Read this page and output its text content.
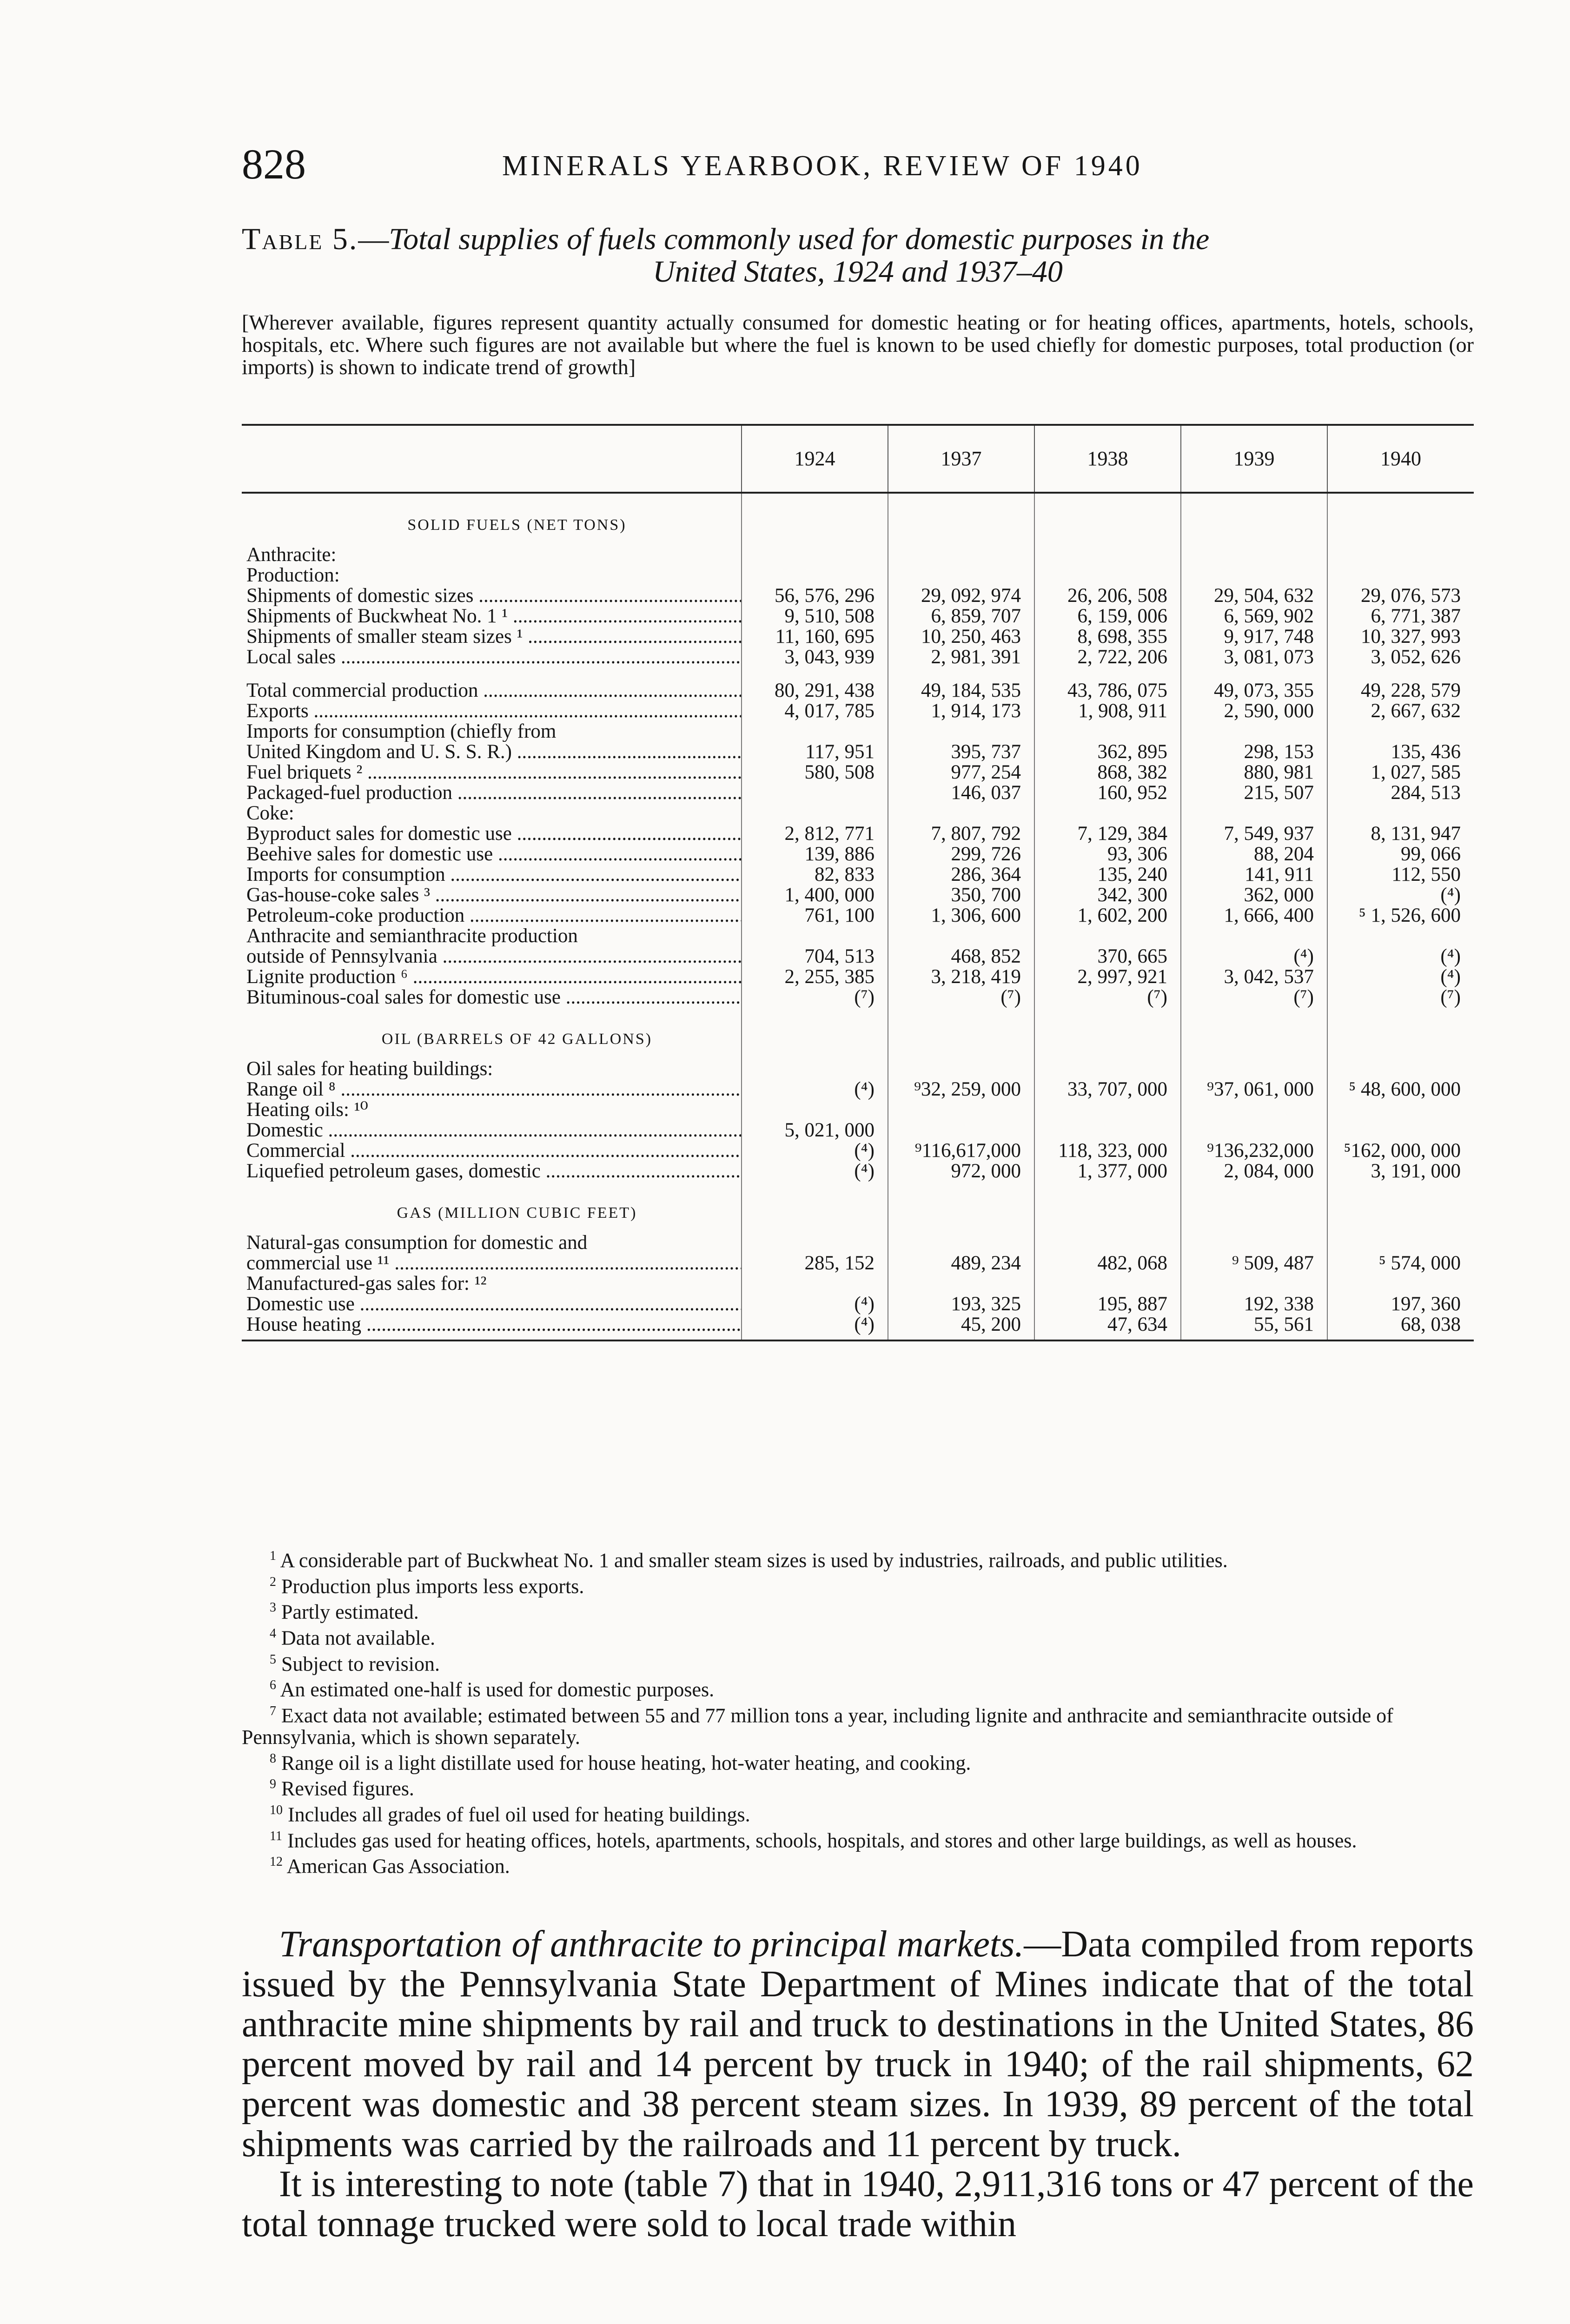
828	MINERALS YEARBOOK, REVIEW OF 1940
Table 5.—Total supplies of fuels commonly used for domestic purposes in the
United States, 1924 and 1937–40
[Wherever available, figures represent quantity actually consumed for domestic heating or for heating offices, apartments, hotels, schools, hospitals, etc. Where such figures are not available but where the fuel is known to be used chiefly for domestic purposes, total production (or imports) is shown to indicate trend of growth]
	1924	1937	1938	1939	1940
SOLID FUELS (NET TONS)					
Anthracite:					
Production:					
Shipments of domestic sizes .....	56, 576, 296	29, 092, 974	26, 206, 508	29, 504, 632	29, 076, 573
Shipments of Buckwheat No. 1 ¹ .....	9, 510, 508	6, 859, 707	6, 159, 006	6, 569, 902	6, 771, 387
Shipments of smaller steam sizes ¹ .....	11, 160, 695	10, 250, 463	8, 698, 355	9, 917, 748	10, 327, 993
Local sales .....	3, 043, 939	2, 981, 391	2, 722, 206	3, 081, 073	3, 052, 626

Total commercial production .....	80, 291, 438	49, 184, 535	43, 786, 075	49, 073, 355	49, 228, 579
Exports .....	4, 017, 785	1, 914, 173	1, 908, 911	2, 590, 000	2, 667, 632
Imports for consumption (chiefly from					
United Kingdom and U. S. S. R.) .....	117, 951	395, 737	362, 895	298, 153	135, 436
Fuel briquets ² .....	580, 508	977, 254	868, 382	880, 981	1, 027, 585
Packaged-fuel production .....		146, 037	160, 952	215, 507	284, 513
Coke:					
Byproduct sales for domestic use .....	2, 812, 771	7, 807, 792	7, 129, 384	7, 549, 937	8, 131, 947
Beehive sales for domestic use .....	139, 886	299, 726	93, 306	88, 204	99, 066
Imports for consumption .....	82, 833	286, 364	135, 240	141, 911	112, 550
Gas-house-coke sales ³ .....	1, 400, 000	350, 700	342, 300	362, 000	(⁴)
Petroleum-coke production .....	761, 100	1, 306, 600	1, 602, 200	1, 666, 400	⁵ 1, 526, 600
Anthracite and semianthracite production					
outside of Pennsylvania .....	704, 513	468, 852	370, 665	(⁴)	(⁴)
Lignite production ⁶ .....	2, 255, 385	3, 218, 419	2, 997, 921	3, 042, 537	(⁴)
Bituminous-coal sales for domestic use .....	(⁷)	(⁷)	(⁷)	(⁷)	(⁷)
OIL (BARRELS OF 42 GALLONS)					
Oil sales for heating buildings:					
Range oil ⁸ .....	(⁴)	⁹32, 259, 000	33, 707, 000	⁹37, 061, 000	⁵ 48, 600, 000
Heating oils: ¹⁰					
Domestic .....	5, 021, 000				
Commercial .....	(⁴)	⁹116,617,000	118, 323, 000	⁹136,232,000	⁵162, 000, 000
Liquefied petroleum gases, domestic .....	(⁴)	972, 000	1, 377, 000	2, 084, 000	3, 191, 000
GAS (MILLION CUBIC FEET)					
Natural-gas consumption for domestic and					
commercial use ¹¹ .....	285, 152	489, 234	482, 068	⁹ 509, 487	⁵ 574, 000
Manufactured-gas sales for: ¹²					
Domestic use .....	(⁴)	193, 325	195, 887	192, 338	197, 360
House heating .....	(⁴)	45, 200	47, 634	55, 561	68, 038

$^1$ A considerable part of Buckwheat No. 1 and smaller steam sizes is used by industries, railroads, and public utilities.

$^2$ Production plus imports less exports.

$^3$ Partly estimated.

$^4$ Data not available.

$^5$ Subject to revision.

$^6$ An estimated one-half is used for domestic purposes.

$^7$ Exact data not available; estimated between 55 and 77 million tons a year, including lignite and anthracite and semianthracite outside of Pennsylvania, which is shown separately.

$^8$ Range oil is a light distillate used for house heating, hot-water heating, and cooking.

$^9$ Revised figures.

$^{10}$ Includes all grades of fuel oil used for heating buildings.

$^{11}$ Includes gas used for heating offices, hotels, apartments, schools, hospitals, and stores and other large buildings, as well as houses.

$^{12}$ American Gas Association.

Transportation of anthracite to principal markets.—Data compiled from reports issued by the Pennsylvania State Department of Mines indicate that of the total anthracite mine shipments by rail and truck to destinations in the United States, 86 percent moved by rail and 14 percent by truck in 1940; of the rail shipments, 62 percent was domestic and 38 percent steam sizes. In 1939, 89 percent of the total shipments was carried by the railroads and 11 percent by truck.

It is interesting to note (table 7) that in 1940, 2,911,316 tons or 47 percent of the total tonnage trucked were sold to local trade within
